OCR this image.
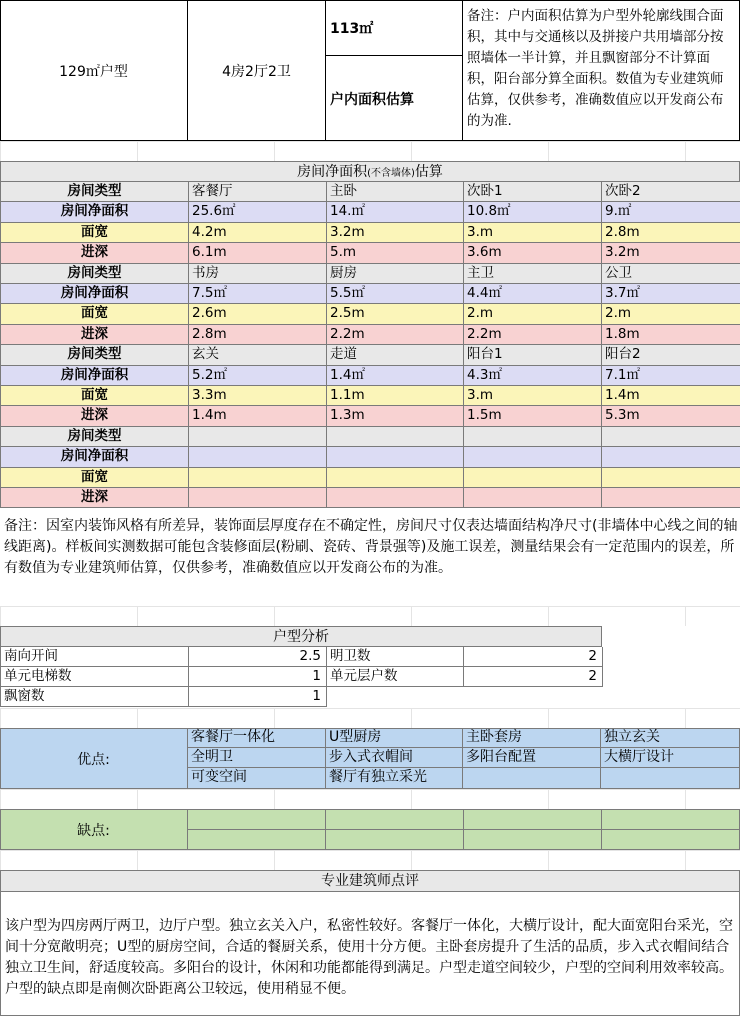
129㎡户型	4房2厅2卫
113㎡
户内面积估算
备注：户内面积估算为户型外轮廓线围合面积，其中与交通核以及拼接户共用墙部分按照墙体一半计算，并且飘窗部分不计算面积，阳台部分算全面积。数值为专业建筑师估算，仅供参考，准确数值应以开发商公布的为准.
房间净面积(不含墙体)估算
房间类型	客餐厅	主卧	次卧1	次卧2
房间净面积	25.6㎡	14.㎡	10.8㎡	9.㎡
面宽	4.2m	3.2m	3.m	2.8m
进深	6.1m	5.m	3.6m	3.2m
房间类型	书房	厨房	主卫	公卫
房间净面积	7.5㎡	5.5㎡	4.4㎡	3.7㎡
面宽	2.6m	2.5m	2.m	2.m
进深	2.8m	2.2m	2.2m	1.8m
房间类型	玄关	走道	阳台1	阳台2
房间净面积	5.2㎡	1.4㎡	4.3㎡	7.1㎡
面宽	3.3m	1.1m	3.m	1.4m
进深	1.4m	1.3m	1.5m	5.3m
房间类型
房间净面积
面宽
进深
备注：因室内装饰风格有所差异，装饰面层厚度存在不确定性，房间尺寸仅表达墙面结构净尺寸(非墙体中心线之间的轴线距离)。样板间实测数据可能包含装修面层(粉刷、瓷砖、背景强等)及施工误差，测量结果会有一定范围内的误差，所有数值为专业建筑师估算，仅供参考，准确数值应以开发商公布的为准。
户型分析
南向开间	2.5 明卫数	2
单元电梯数	1 单元层户数	2
飘窗数	1
优点:
客餐厅一体化	U型厨房	主卧套房	独立玄关
全明卫	步入式衣帽间	多阳台配置	大横厅设计
可变空间	餐厅有独立采光
缺点:
专业建筑师点评
该户型为四房两厅两卫，边厅户型。独立玄关入户，私密性较好。客餐厅一体化，大横厅设计，配大面宽阳台采光，空间十分宽敞明亮；U型的厨房空间，合适的餐厨关系，使用十分方便。主卧套房提升了生活的品质，步入式衣帽间结合独立卫生间，舒适度较高。多阳台的设计，休闲和功能都能得到满足。户型走道空间较少，户型的空间利用效率较高。户型的缺点即是南侧次卧距离公卫较远，使用稍显不便。
